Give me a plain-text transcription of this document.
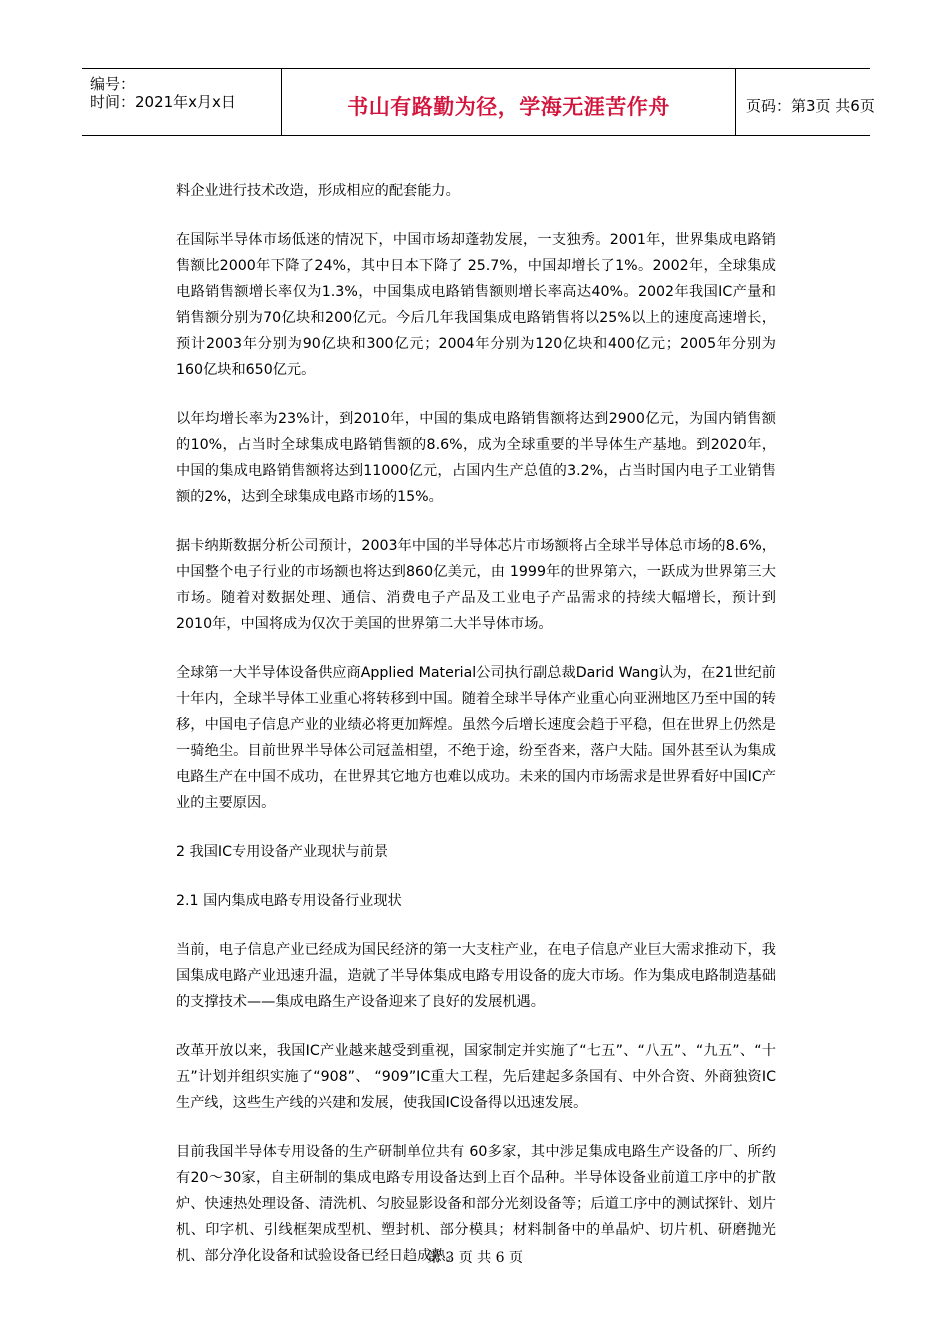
编号：
时间：2021年x月x日	书山有路勤为径，学海无涯苦作舟	页码：第3页 共6页

料企业进行技术改造，形成相应的配套能力。

在国际半导体市场低迷的情况下，中国市场却蓬勃发展，一支独秀。2001年，世界集成电路销售额比2000年下降了24%，其中日本下降了 25.7%，中国却增长了1%。2002年，全球集成电路销售额增长率仅为1.3%，中国集成电路销售额则增长率高达40%。2002年我国IC产量和销售额分别为70亿块和200亿元。今后几年我国集成电路销售将以25%以上的速度高速增长，预计2003年分别为90亿块和300亿元；2004年分别为120亿块和400亿元；2005年分别为160亿块和650亿元。

以年均增长率为23%计，到2010年，中国的集成电路销售额将达到2900亿元，为国内销售额的10%，占当时全球集成电路销售额的8.6%，成为全球重要的半导体生产基地。到2020年，中国的集成电路销售额将达到11000亿元，占国内生产总值的3.2%，占当时国内电子工业销售额的2%，达到全球集成电路市场的15%。

据卡纳斯数据分析公司预计，2003年中国的半导体芯片市场额将占全球半导体总市场的8.6%，中国整个电子行业的市场额也将达到860亿美元，由 1999年的世界第六，一跃成为世界第三大市场。随着对数据处理、通信、消费电子产品及工业电子产品需求的持续大幅增长，预计到2010年，中国将成为仅次于美国的世界第二大半导体市场。

全球第一大半导体设备供应商Applied Material公司执行副总裁Darid Wang认为，在21世纪前十年内，全球半导体工业重心将转移到中国。随着全球半导体产业重心向亚洲地区乃至中国的转移，中国电子信息产业的业绩必将更加辉煌。虽然今后增长速度会趋于平稳，但在世界上仍然是一骑绝尘。目前世界半导体公司冠盖相望，不绝于途，纷至沓来，落户大陆。国外甚至认为集成电路生产在中国不成功，在世界其它地方也难以成功。未来的国内市场需求是世界看好中国IC产业的主要原因。

2 我国IC专用设备产业现状与前景

2.1 国内集成电路专用设备行业现状

当前，电子信息产业已经成为国民经济的第一大支柱产业，在电子信息产业巨大需求推动下，我国集成电路产业迅速升温，造就了半导体集成电路专用设备的庞大市场。作为集成电路制造基础的支撑技术——集成电路生产设备迎来了良好的发展机遇。

改革开放以来，我国IC产业越来越受到重视，国家制定并实施了“七五”、“八五”、“九五”、“十五”计划并组织实施了“908”、 “909”IC重大工程，先后建起多条国有、中外合资、外商独资IC生产线，这些生产线的兴建和发展，使我国IC设备得以迅速发展。

目前我国半导体专用设备的生产研制单位共有 60多家，其中涉足集成电路生产设备的厂、所约有20～30家，自主研制的集成电路专用设备达到上百个品种。半导体设备业前道工序中的扩散炉、快速热处理设备、清洗机、匀胶显影设备和部分光刻设备等；后道工序中的测试探针、划片机、印字机、引线框架成型机、塑封机、部分模具；材料制备中的单晶炉、切片机、研磨抛光机、部分净化设备和试验设备已经日趋成熟。

第 3 页 共 6 页
